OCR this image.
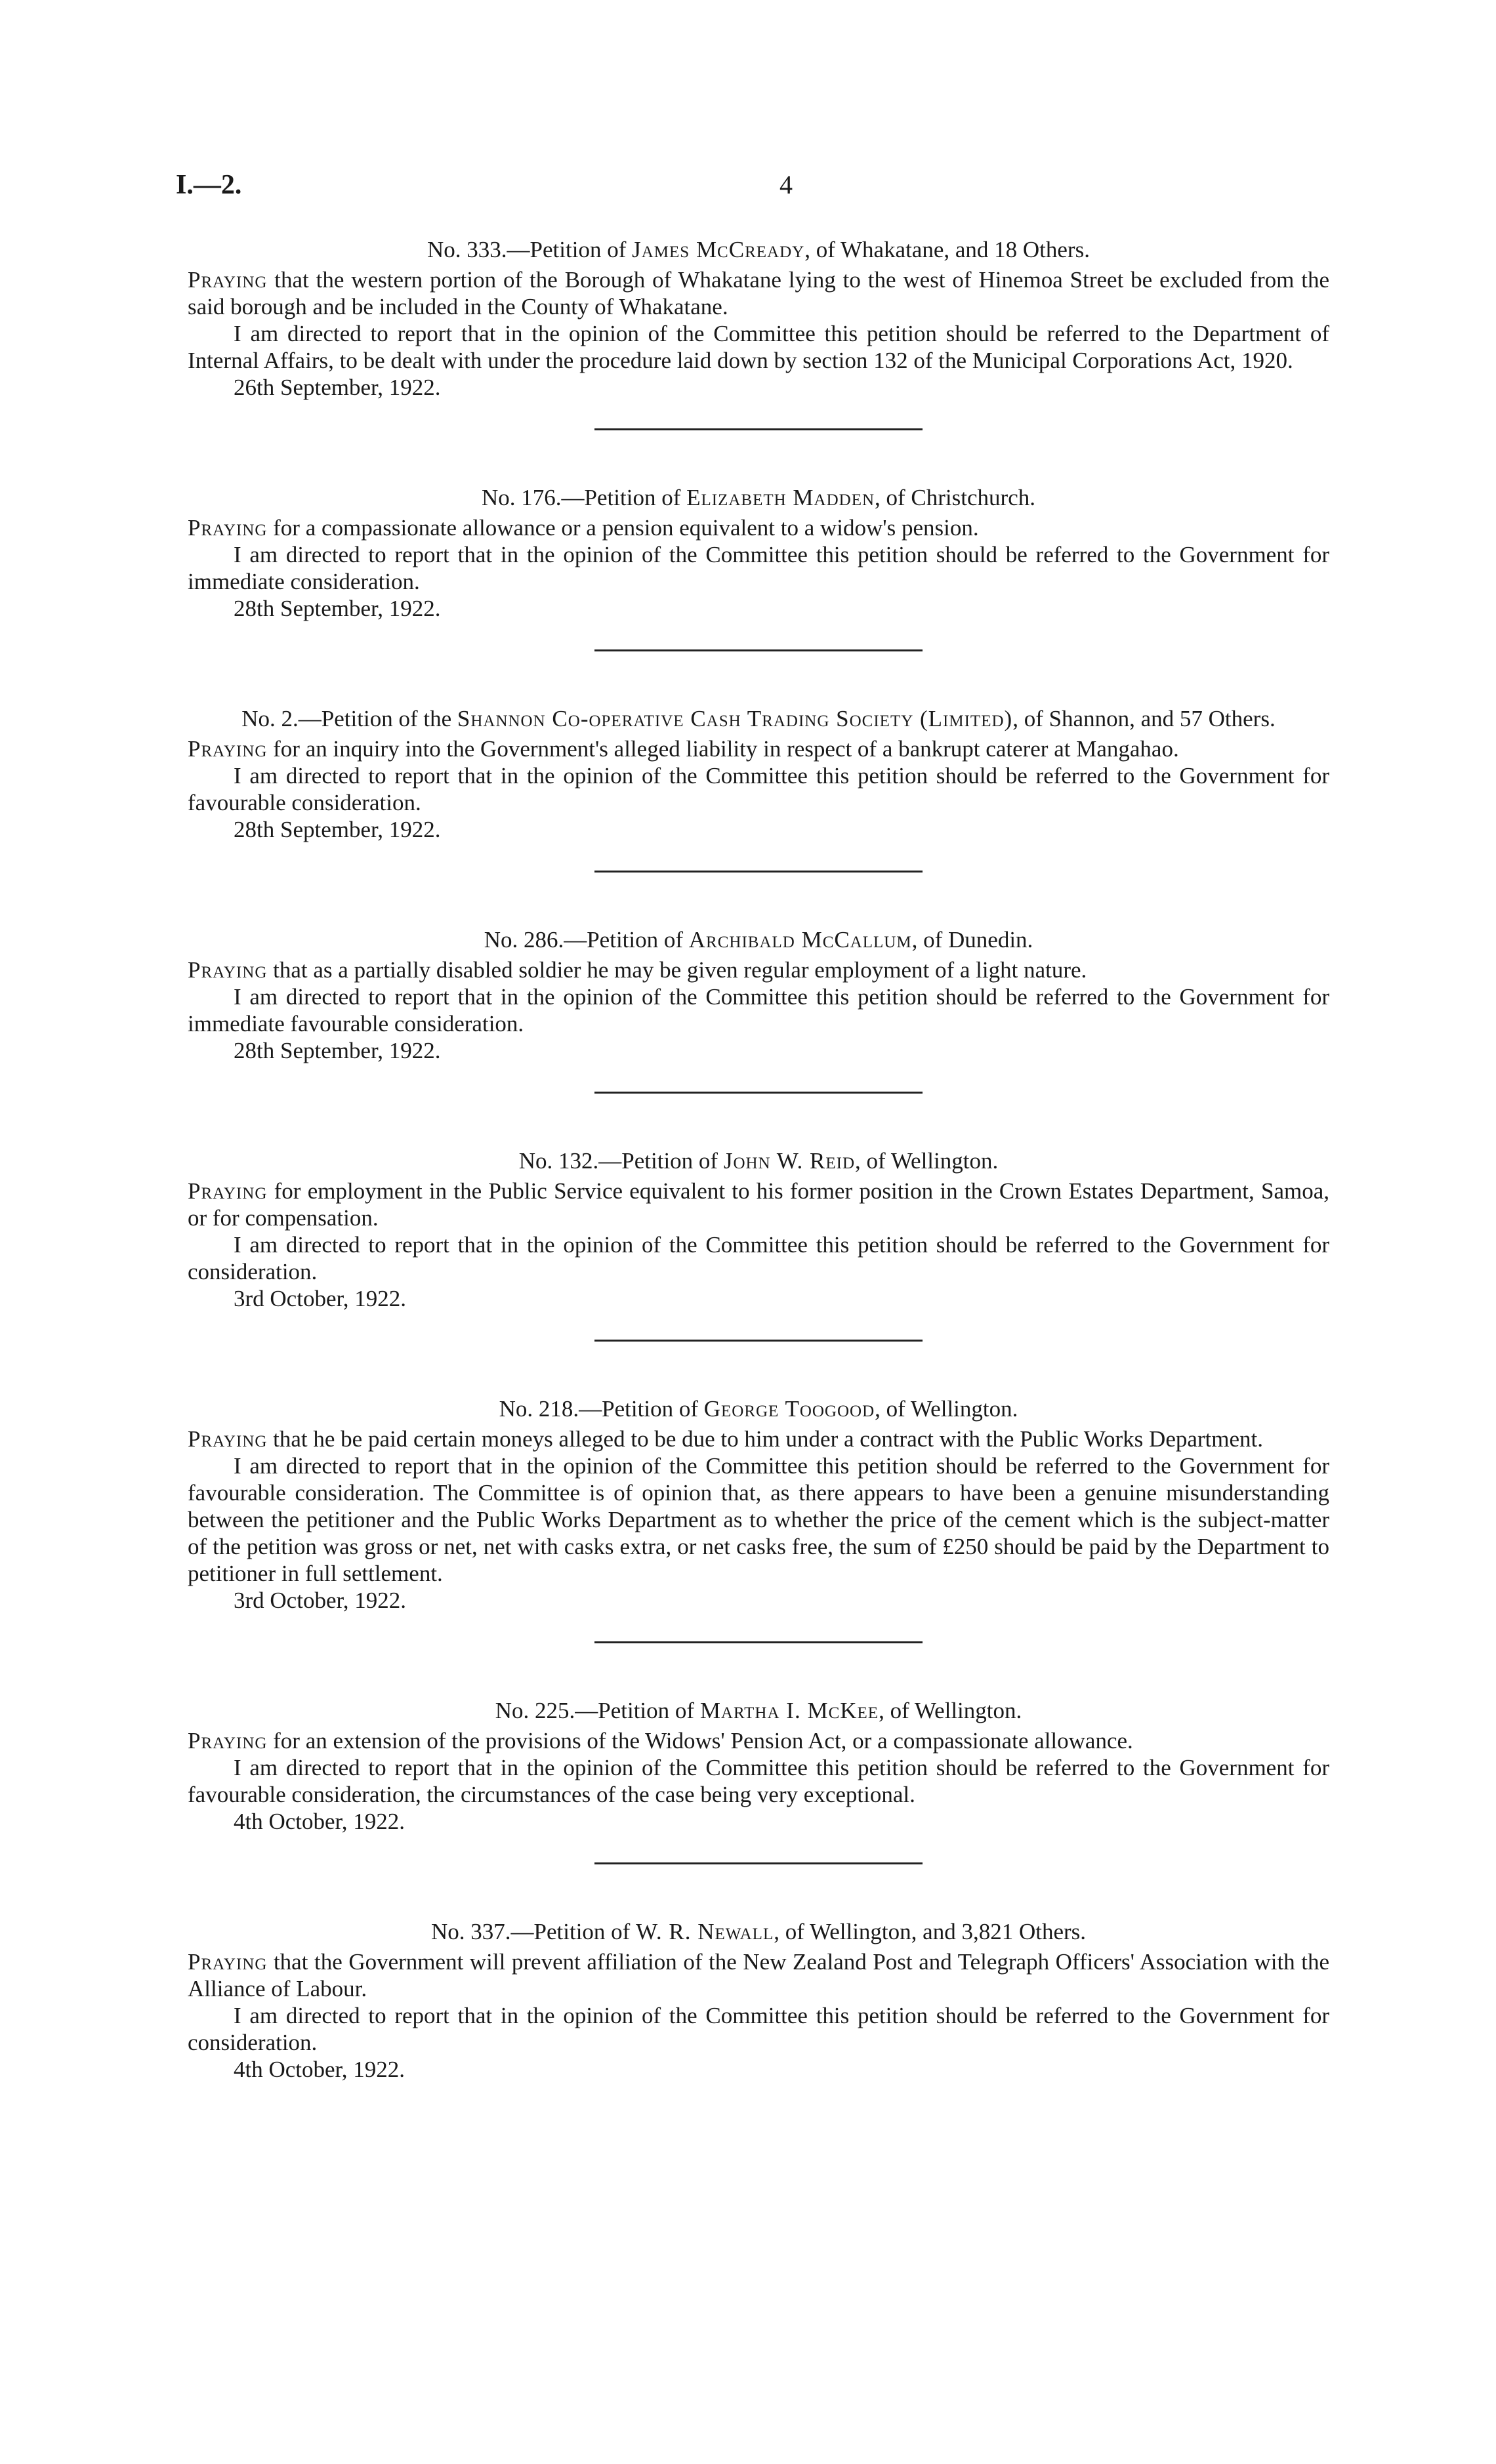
I.—2.	4
No. 333.—Petition of James McCready, of Whakatane, and 18 Others.

Praying that the western portion of the Borough of Whakatane lying to the west of Hinemoa Street be excluded from the said borough and be included in the County of Whakatane.

I am directed to report that in the opinion of the Committee this petition should be referred to the Department of Internal Affairs, to be dealt with under the procedure laid down by section 132 of the Municipal Corporations Act, 1920.

26th September, 1922.

No. 176.—Petition of Elizabeth Madden, of Christchurch.

Praying for a compassionate allowance or a pension equivalent to a widow's pension.

I am directed to report that in the opinion of the Committee this petition should be referred to the Government for immediate consideration.

28th September, 1922.

No. 2.—Petition of the Shannon Co-operative Cash Trading Society (Limited), of Shannon, and 57 Others.

Praying for an inquiry into the Government's alleged liability in respect of a bankrupt caterer at Mangahao.

I am directed to report that in the opinion of the Committee this petition should be referred to the Government for favourable consideration.

28th September, 1922.

No. 286.—Petition of Archibald McCallum, of Dunedin.

Praying that as a partially disabled soldier he may be given regular employment of a light nature.

I am directed to report that in the opinion of the Committee this petition should be referred to the Government for immediate favourable consideration.

28th September, 1922.

No. 132.—Petition of John W. Reid, of Wellington.

Praying for employment in the Public Service equivalent to his former position in the Crown Estates Department, Samoa, or for compensation.

I am directed to report that in the opinion of the Committee this petition should be referred to the Government for consideration.

3rd October, 1922.

No. 218.—Petition of George Toogood, of Wellington.

Praying that he be paid certain moneys alleged to be due to him under a contract with the Public Works Department.

I am directed to report that in the opinion of the Committee this petition should be referred to the Government for favourable consideration. The Committee is of opinion that, as there appears to have been a genuine misunderstanding between the petitioner and the Public Works Department as to whether the price of the cement which is the subject-matter of the petition was gross or net, net with casks extra, or net casks free, the sum of £250 should be paid by the Department to petitioner in full settlement.

3rd October, 1922.

No. 225.—Petition of Martha I. McKee, of Wellington.

Praying for an extension of the provisions of the Widows' Pension Act, or a compassionate allowance.

I am directed to report that in the opinion of the Committee this petition should be referred to the Government for favourable consideration, the circumstances of the case being very exceptional.

4th October, 1922.

No. 337.—Petition of W. R. Newall, of Wellington, and 3,821 Others.

Praying that the Government will prevent affiliation of the New Zealand Post and Telegraph Officers' Association with the Alliance of Labour.

I am directed to report that in the opinion of the Committee this petition should be referred to the Government for consideration.

4th October, 1922.
